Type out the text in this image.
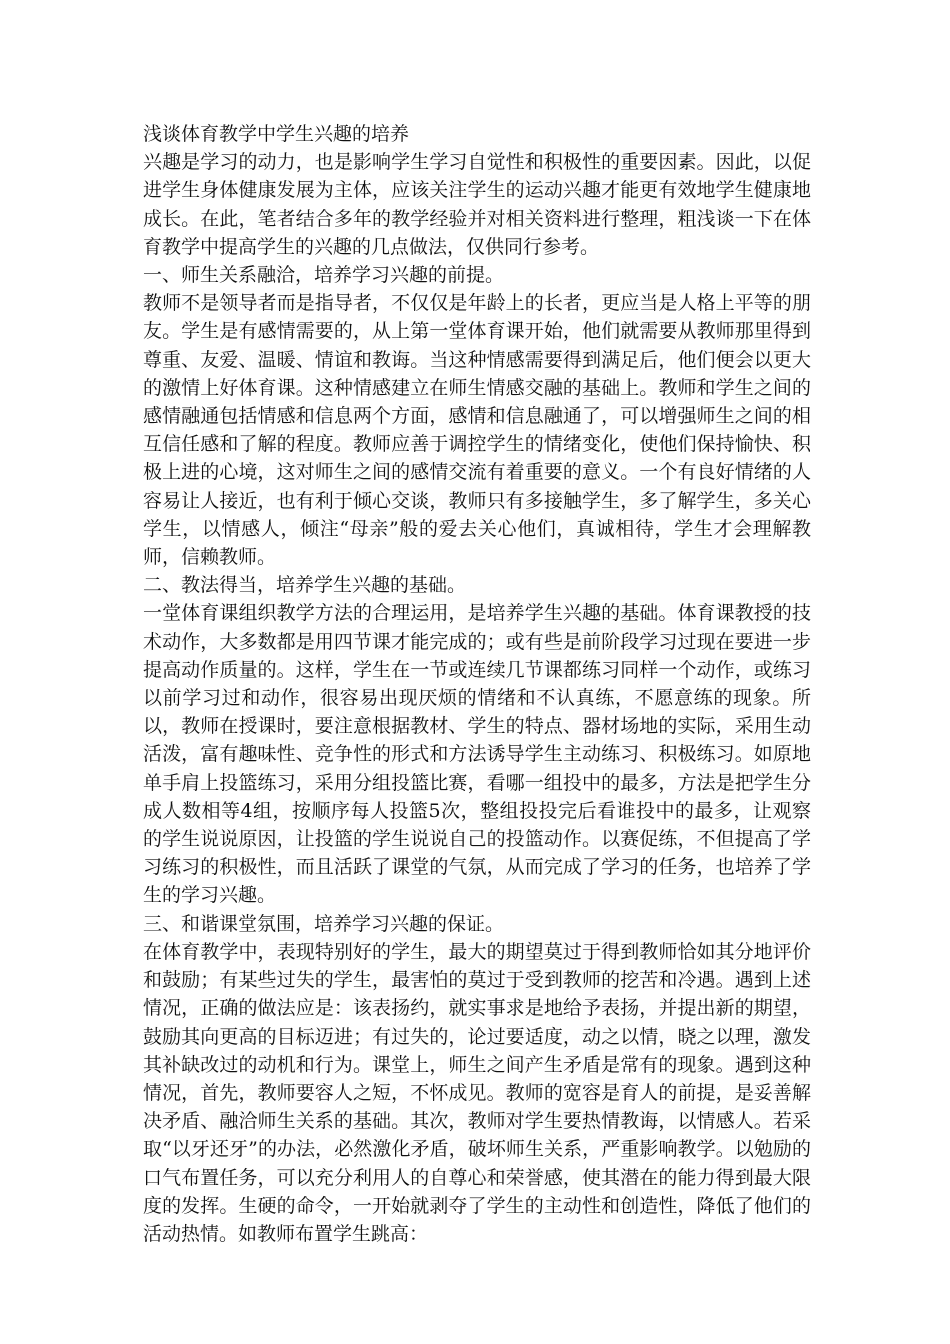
浅谈体育教学中学生兴趣的培养

兴趣是学习的动力，也是影响学生学习自觉性和积极性的重要因素。因此，以促进学生身体健康发展为主体，应该关注学生的运动兴趣才能更有效地学生健康地成长。在此，笔者结合多年的教学经验并对相关资料进行整理，粗浅谈一下在体育教学中提高学生的兴趣的几点做法，仅供同行参考。

一、师生关系融洽，培养学习兴趣的前提。

教师不是领导者而是指导者，不仅仅是年龄上的长者，更应当是人格上平等的朋友。学生是有感情需要的，从上第一堂体育课开始，他们就需要从教师那里得到尊重、友爱、温暖、情谊和教诲。当这种情感需要得到满足后，他们便会以更大的激情上好体育课。这种情感建立在师生情感交融的基础上。教师和学生之间的感情融通包括情感和信息两个方面，感情和信息融通了，可以增强师生之间的相互信任感和了解的程度。教师应善于调控学生的情绪变化，使他们保持愉快、积极上进的心境，这对师生之间的感情交流有着重要的意义。一个有良好情绪的人容易让人接近，也有利于倾心交谈，教师只有多接触学生，多了解学生，多关心学生，以情感人，倾注“母亲”般的爱去关心他们，真诚相待，学生才会理解教师，信赖教师。

二、教法得当，培养学生兴趣的基础。

一堂体育课组织教学方法的合理运用，是培养学生兴趣的基础。体育课教授的技术动作，大多数都是用四节课才能完成的；或有些是前阶段学习过现在要进一步提高动作质量的。这样，学生在一节或连续几节课都练习同样一个动作，或练习以前学习过和动作，很容易出现厌烦的情绪和不认真练，不愿意练的现象。所以，教师在授课时，要注意根据教材、学生的特点、器材场地的实际，采用生动活泼，富有趣味性、竞争性的形式和方法诱导学生主动练习、积极练习。如原地单手肩上投篮练习，采用分组投篮比赛，看哪一组投中的最多，方法是把学生分成人数相等4组，按顺序每人投篮5次，整组投投完后看谁投中的最多，让观察的学生说说原因，让投篮的学生说说自己的投篮动作。以赛促练，不但提高了学习练习的积极性，而且活跃了课堂的气氛，从而完成了学习的任务，也培养了学生的学习兴趣。

三、和谐课堂氛围，培养学习兴趣的保证。

在体育教学中，表现特别好的学生，最大的期望莫过于得到教师恰如其分地评价和鼓励；有某些过失的学生，最害怕的莫过于受到教师的挖苦和冷遇。遇到上述情况，正确的做法应是：该表扬约，就实事求是地给予表扬，并提出新的期望，鼓励其向更高的目标迈进；有过失的，论过要适度，动之以情，晓之以理，激发其补缺改过的动机和行为。课堂上，师生之间产生矛盾是常有的现象。遇到这种情况，首先，教师要容人之短，不怀成见。教师的宽容是育人的前提，是妥善解决矛盾、融洽师生关系的基础。其次，教师对学生要热情教诲，以情感人。若采取“以牙还牙”的办法，必然激化矛盾，破坏师生关系，严重影响教学。以勉励的口气布置任务，可以充分利用人的自尊心和荣誉感，使其潜在的能力得到最大限度的发挥。生硬的命令，一开始就剥夺了学生的主动性和创造性，降低了他们的活动热情。如教师布置学生跳高：
